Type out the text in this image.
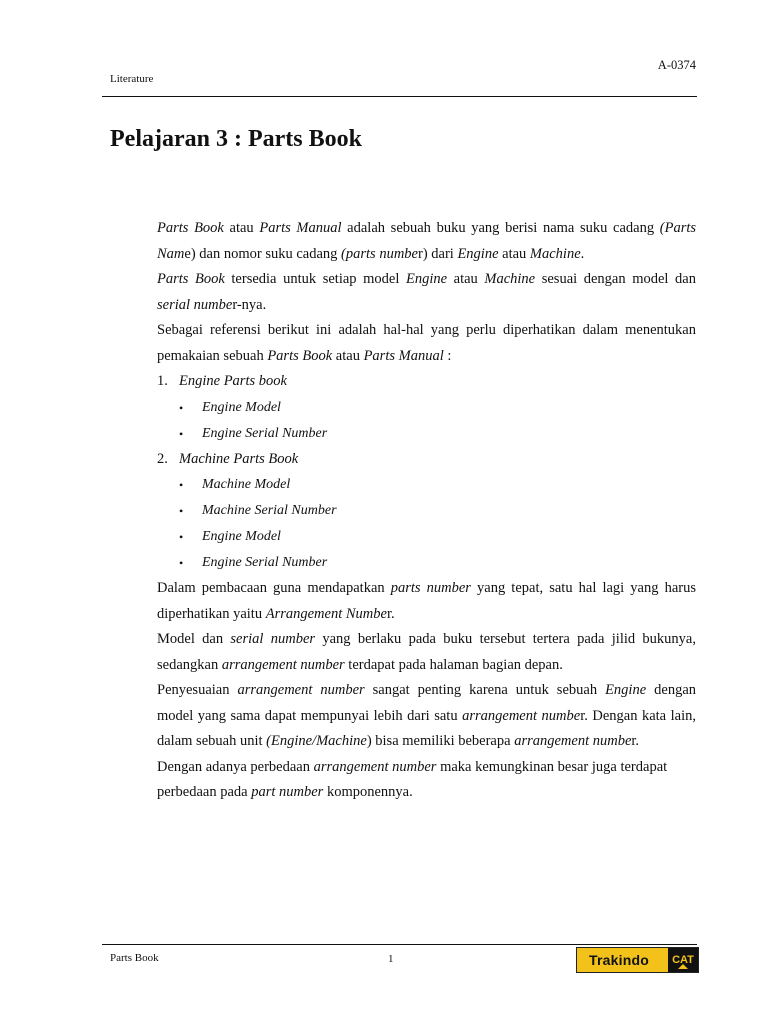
A-0374
Literature
Pelajaran 3 : Parts Book

Parts Book atau Parts Manual adalah sebuah buku yang berisi nama suku cadang (Parts Name) dan nomor suku cadang (parts number) dari Engine atau Machine.

Parts Book tersedia untuk setiap model Engine atau Machine sesuai dengan model dan serial number-nya.

Sebagai referensi berikut ini adalah hal-hal yang perlu diperhatikan dalam menentukan pemakaian sebuah Parts Book atau Parts Manual :

1. Engine Parts book
•	Engine Model
•	Engine Serial Number
2. Machine Parts Book
•	Machine Model
•	Machine Serial Number
•	Engine Model
•	Engine Serial Number

Dalam pembacaan guna mendapatkan parts number yang tepat, satu hal lagi yang harus diperhatikan yaitu Arrangement Number.

Model dan serial number yang berlaku pada buku tersebut tertera pada jilid bukunya, sedangkan arrangement number terdapat pada halaman bagian depan.

Penyesuaian arrangement number sangat penting karena untuk sebuah Engine dengan model yang sama dapat mempunyai lebih dari satu arrangement number. Dengan kata lain, dalam sebuah unit (Engine/Machine) bisa memiliki beberapa arrangement number.

Dengan adanya perbedaan arrangement number maka kemungkinan besar juga terdapat perbedaan pada part number komponennya.

Parts Book	1	Trakindo	CAT
